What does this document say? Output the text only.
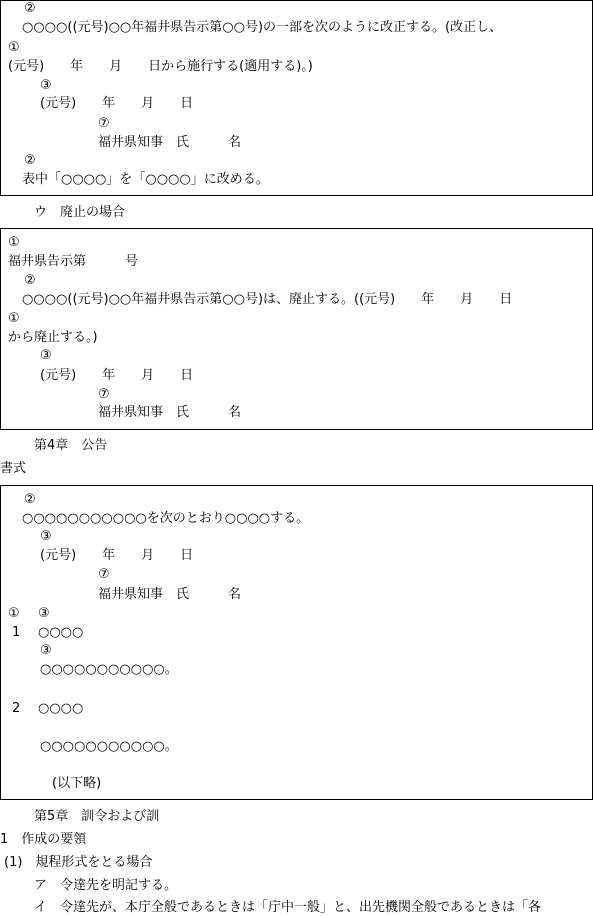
②
○○○○((元号)○○年福井県告示第○○号)の一部を次のように改正する。(改正し、
①
(元号)　　年　　月　　日から施行する(適用する)。)
③
(元号)　　年　　月　　日
⑦
福井県知事　氏　　　名
②
表中「○○○○」を「○○○○」に改める。
ウ　廃止の場合
①
福井県告示第　　　号
②
○○○○((元号)○○年福井県告示第○○号)は、廃止する。((元号)　　年　　月　　日
①
から廃止する。)
③
(元号)　　年　　月　　日
⑦
福井県知事　氏　　　名
第4章　公告
書式
②
○○○○○○○○○○○を次のとおり○○○○する。
③
(元号)　　年　　月　　日
⑦
福井県知事　氏　　　名
① ③
1 ○○○○
③
○○○○○○○○○○○。
2 ○○○○
○○○○○○○○○○○。
(以下略)
第5章　訓令および訓
1　作成の要領
(1)　規程形式をとる場合
ア　令達先を明記する。
イ　令達先が、本庁全般であるときは「庁中一般」と、出先機関全般であるときは「各
